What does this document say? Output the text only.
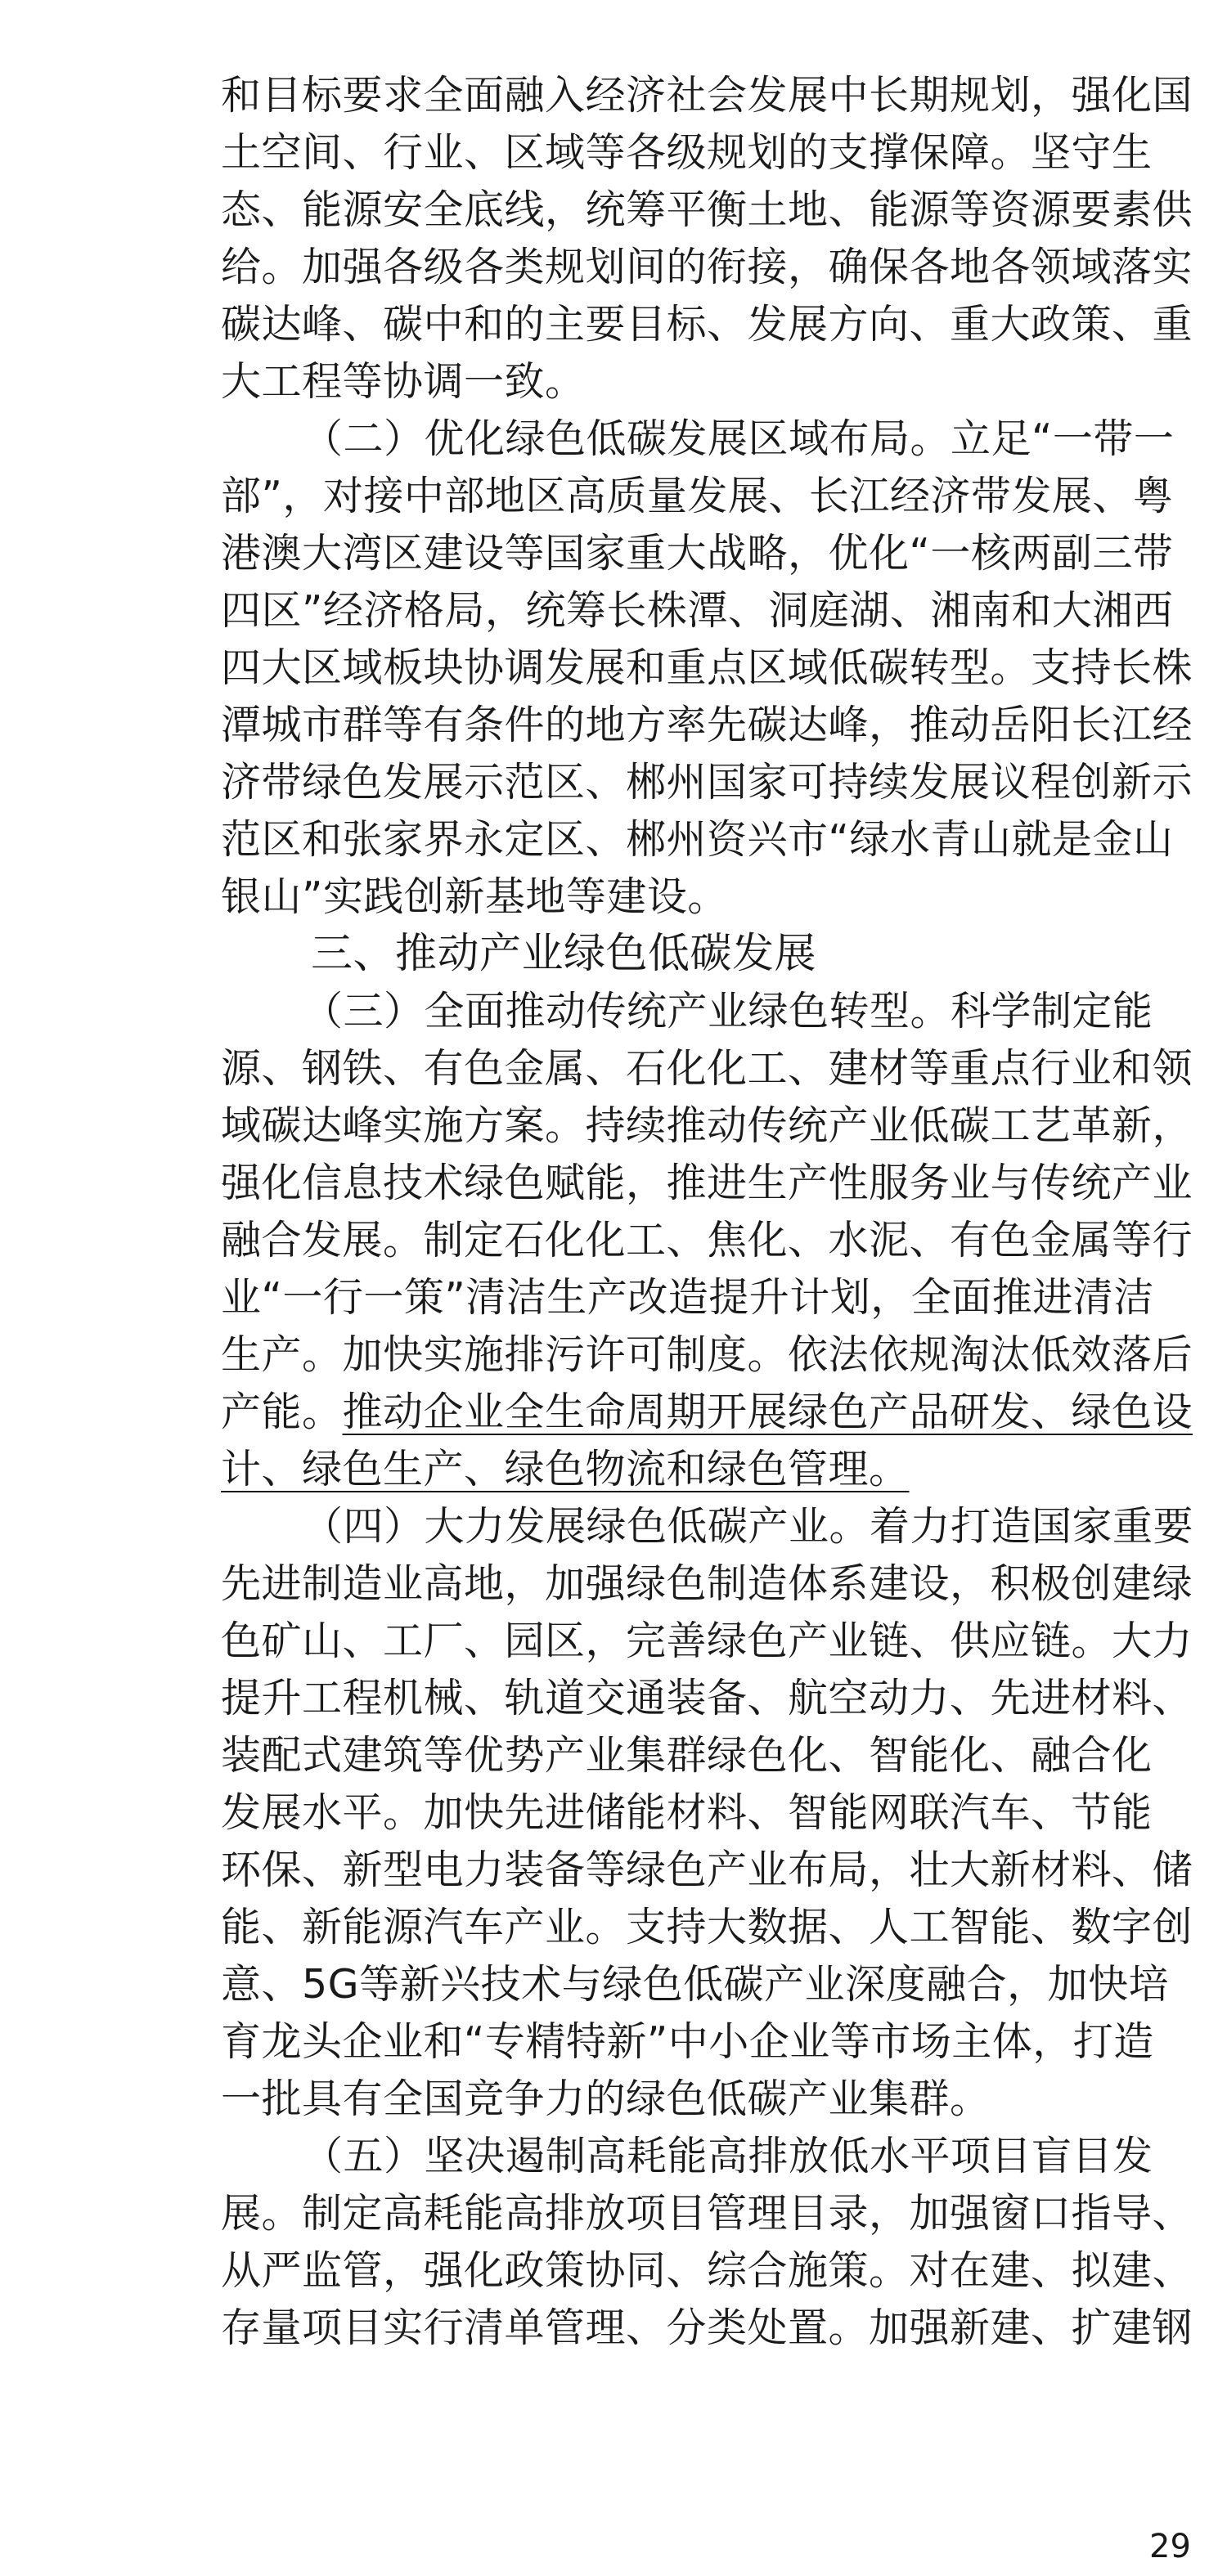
和目标要求全面融入经济社会发展中长期规划，强化国
土空间、行业、区域等各级规划的支撑保障。坚守生
态、能源安全底线，统筹平衡土地、能源等资源要素供
给。加强各级各类规划间的衔接，确保各地各领域落实
碳达峰、碳中和的主要目标、发展方向、重大政策、重
大工程等协调一致。
（二）优化绿色低碳发展区域布局。立足“一带一
部”，对接中部地区高质量发展、长江经济带发展、粤
港澳大湾区建设等国家重大战略，优化“一核两副三带
四区”经济格局，统筹长株潭、洞庭湖、湘南和大湘西
四大区域板块协调发展和重点区域低碳转型。支持长株
潭城市群等有条件的地方率先碳达峰，推动岳阳长江经
济带绿色发展示范区、郴州国家可持续发展议程创新示
范区和张家界永定区、郴州资兴市“绿水青山就是金山
银山”实践创新基地等建设。
三、推动产业绿色低碳发展
（三）全面推动传统产业绿色转型。科学制定能
源、钢铁、有色金属、石化化工、建材等重点行业和领
域碳达峰实施方案。持续推动传统产业低碳工艺革新，
强化信息技术绿色赋能，推进生产性服务业与传统产业
融合发展。制定石化化工、焦化、水泥、有色金属等行
业“一行一策”清洁生产改造提升计划，全面推进清洁
生产。加快实施排污许可制度。依法依规淘汰低效落后
产能。推动企业全生命周期开展绿色产品研发、绿色设
计、绿色生产、绿色物流和绿色管理。
（四）大力发展绿色低碳产业。着力打造国家重要
先进制造业高地，加强绿色制造体系建设，积极创建绿
色矿山、工厂、园区，完善绿色产业链、供应链。大力
提升工程机械、轨道交通装备、航空动力、先进材料、
装配式建筑等优势产业集群绿色化、智能化、融合化
发展水平。加快先进储能材料、智能网联汽车、节能
环保、新型电力装备等绿色产业布局，壮大新材料、储
能、新能源汽车产业。支持大数据、人工智能、数字创
意、5G等新兴技术与绿色低碳产业深度融合，加快培
育龙头企业和“专精特新”中小企业等市场主体，打造
一批具有全国竞争力的绿色低碳产业集群。
（五）坚决遏制高耗能高排放低水平项目盲目发
展。制定高耗能高排放项目管理目录，加强窗口指导、
从严监管，强化政策协同、综合施策。对在建、拟建、
存量项目实行清单管理、分类处置。加强新建、扩建钢
29
